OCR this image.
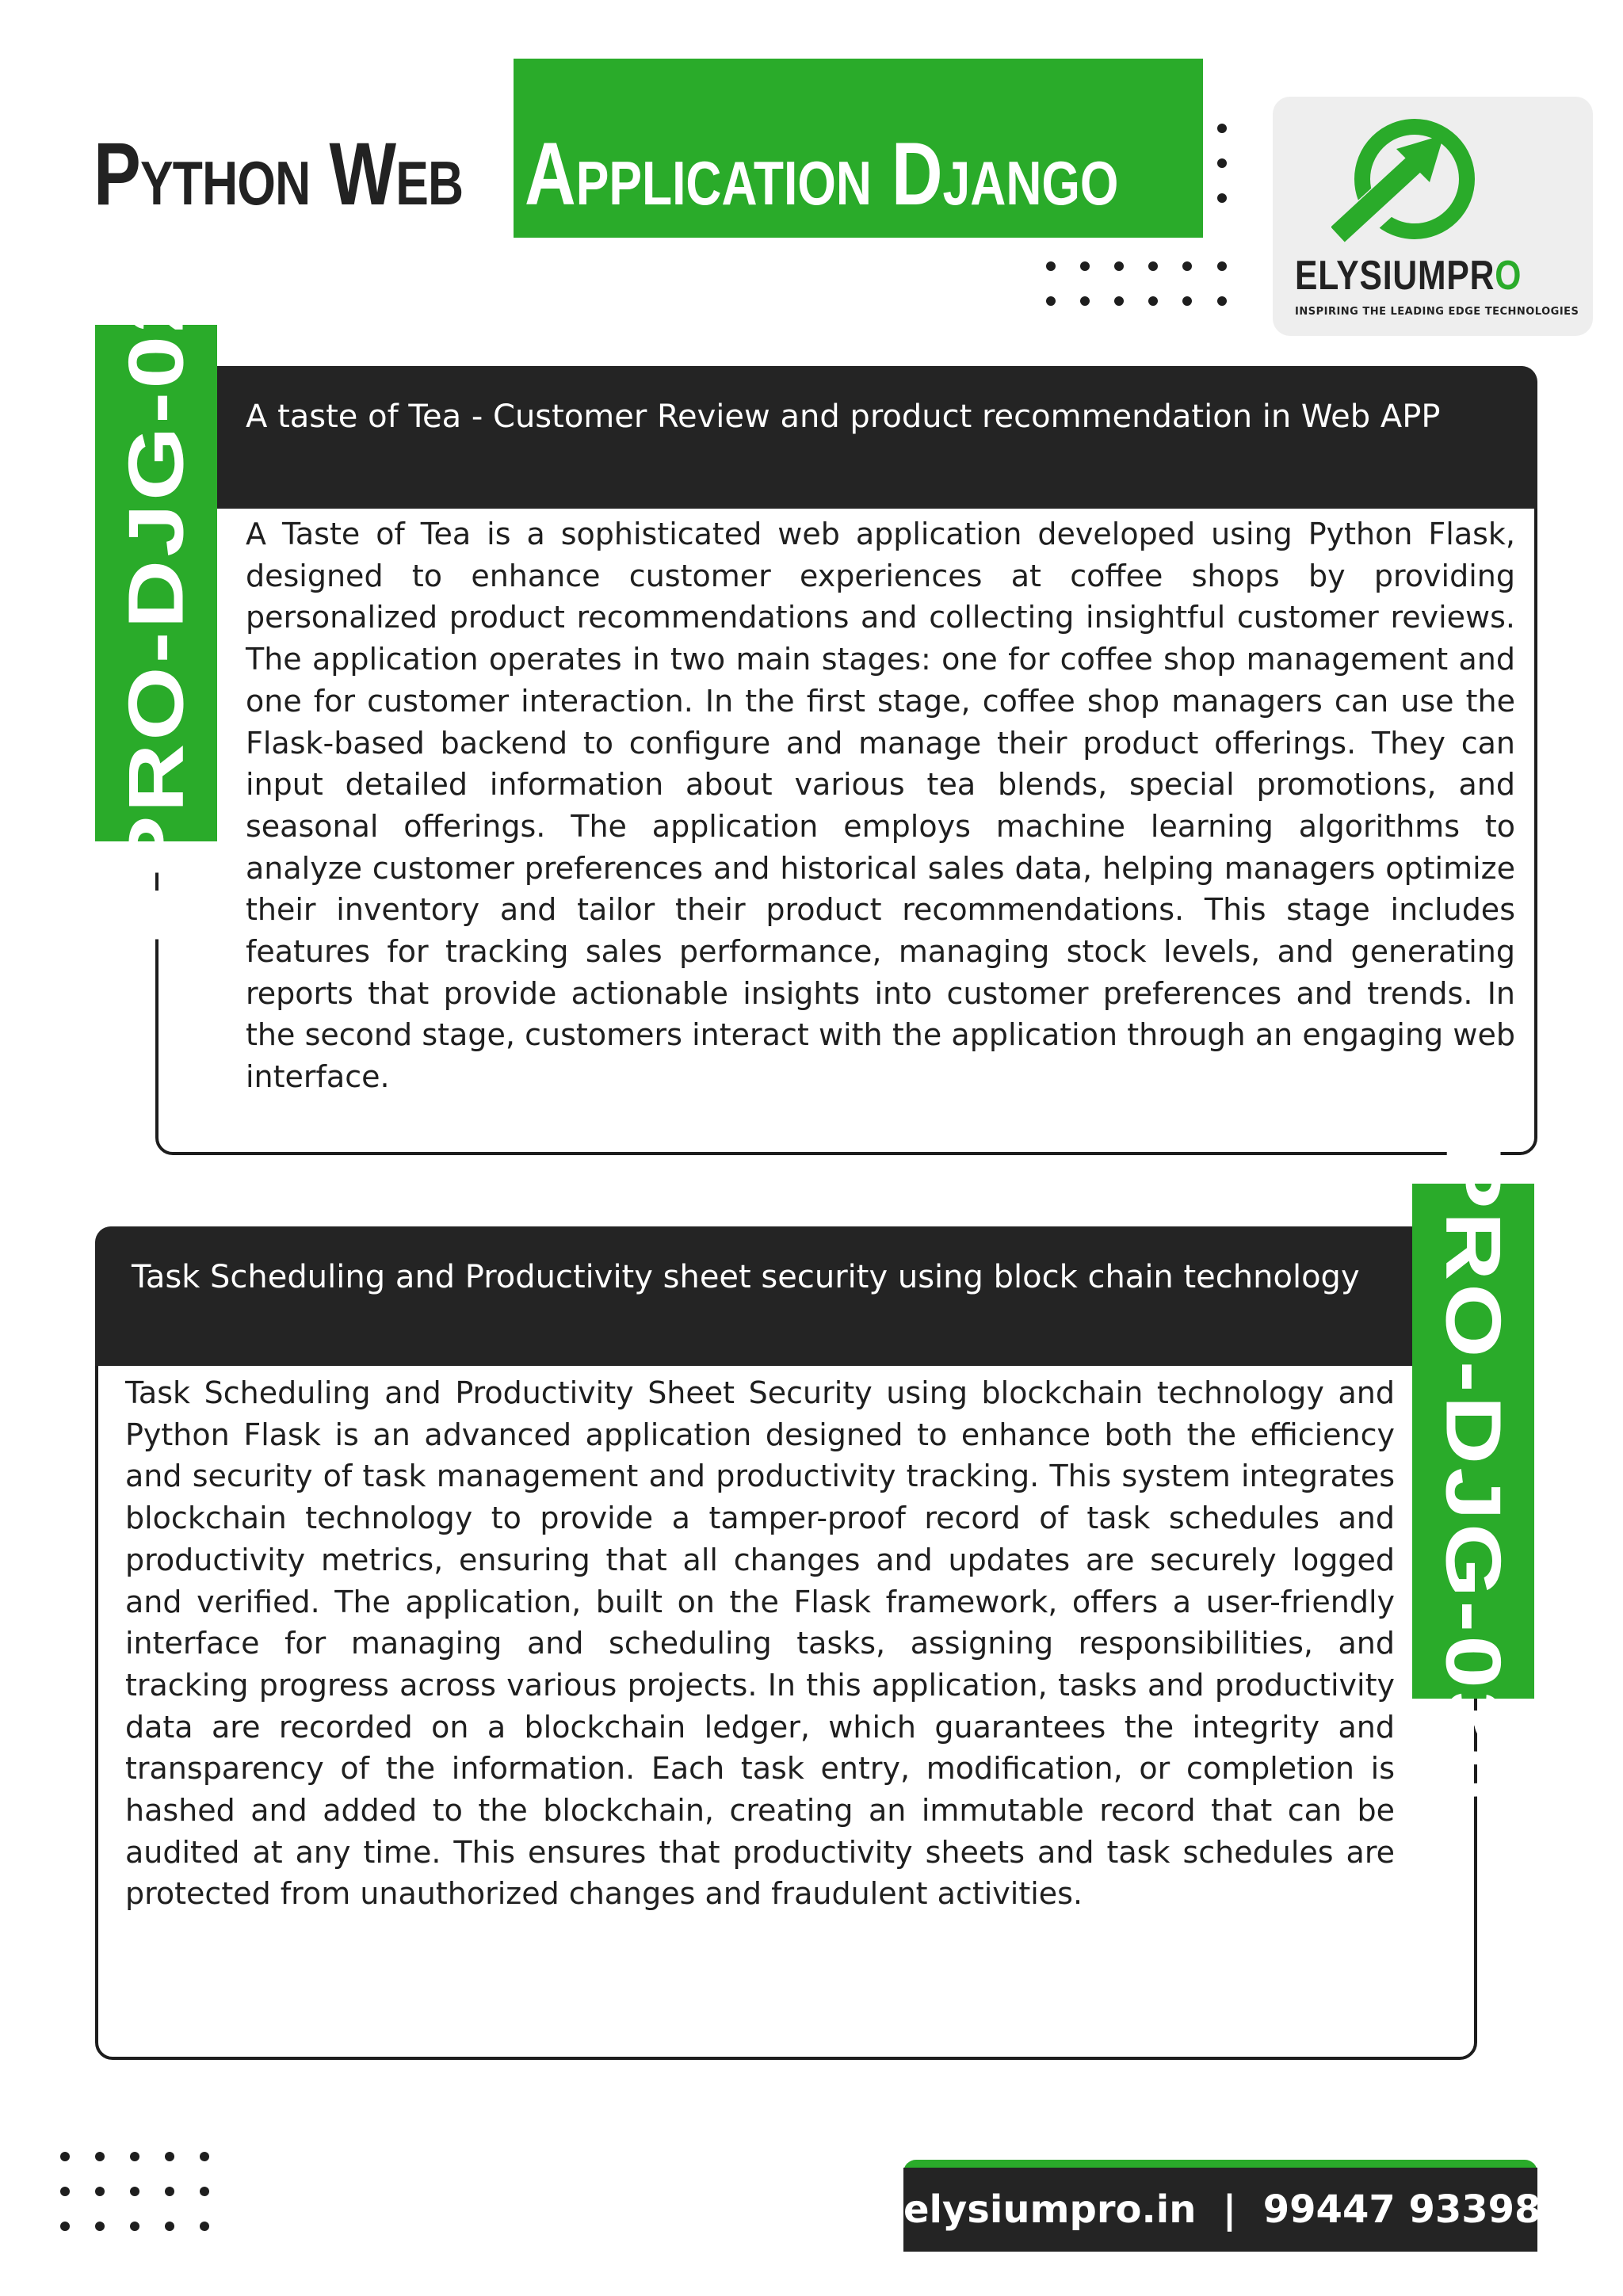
Python Web Application Django
ELYSIUMPRO
INSPIRING THE LEADING EDGE TECHNOLOGIES
A taste of Tea - Customer Review and product recommendation in Web APP
A Taste of Tea is a sophisticated web application developed using Python Flask, designed to enhance customer experiences at coffee shops by providing personalized product recommendations and collecting insightful customer reviews. The application operates in two main stages: one for coffee shop management and one for customer interaction. In the first stage, coffee shop managers can use the Flask-based backend to configure and manage their product offerings. They can input detailed information about various tea blends, special promotions, and seasonal offerings. The application employs machine learning algorithms to analyze customer preferences and historical sales data, helping managers optimize their inventory and tailor their product recommendations. This stage includes features for tracking sales performance, managing stock levels, and generating reports that provide actionable insights into customer preferences and trends. In the second stage, customers interact with the application through an engaging web interface.
EPRO-DJG-029
Task Scheduling and Productivity sheet security using block chain technology
Task Scheduling and Productivity Sheet Security using blockchain technology and Python Flask is an advanced application designed to enhance both the efficiency and security of task management and productivity tracking. This system integrates blockchain technology to provide a tamper-proof record of task schedules and productivity metrics, ensuring that all changes and updates are securely logged and verified. The application, built on the Flask framework, offers a user-friendly interface for managing and scheduling tasks, assigning responsibilities, and tracking progress across various projects. In this application, tasks and productivity data are recorded on a blockchain ledger, which guarantees the integrity and transparency of the information. Each task entry, modification, or completion is hashed and added to the blockchain, creating an immutable record that can be audited at any time. This ensures that productivity sheets and task schedules are protected from unauthorized changes and fraudulent activities.
EPRO-DJG-030
elysiumpro.in  |  99447 93398
